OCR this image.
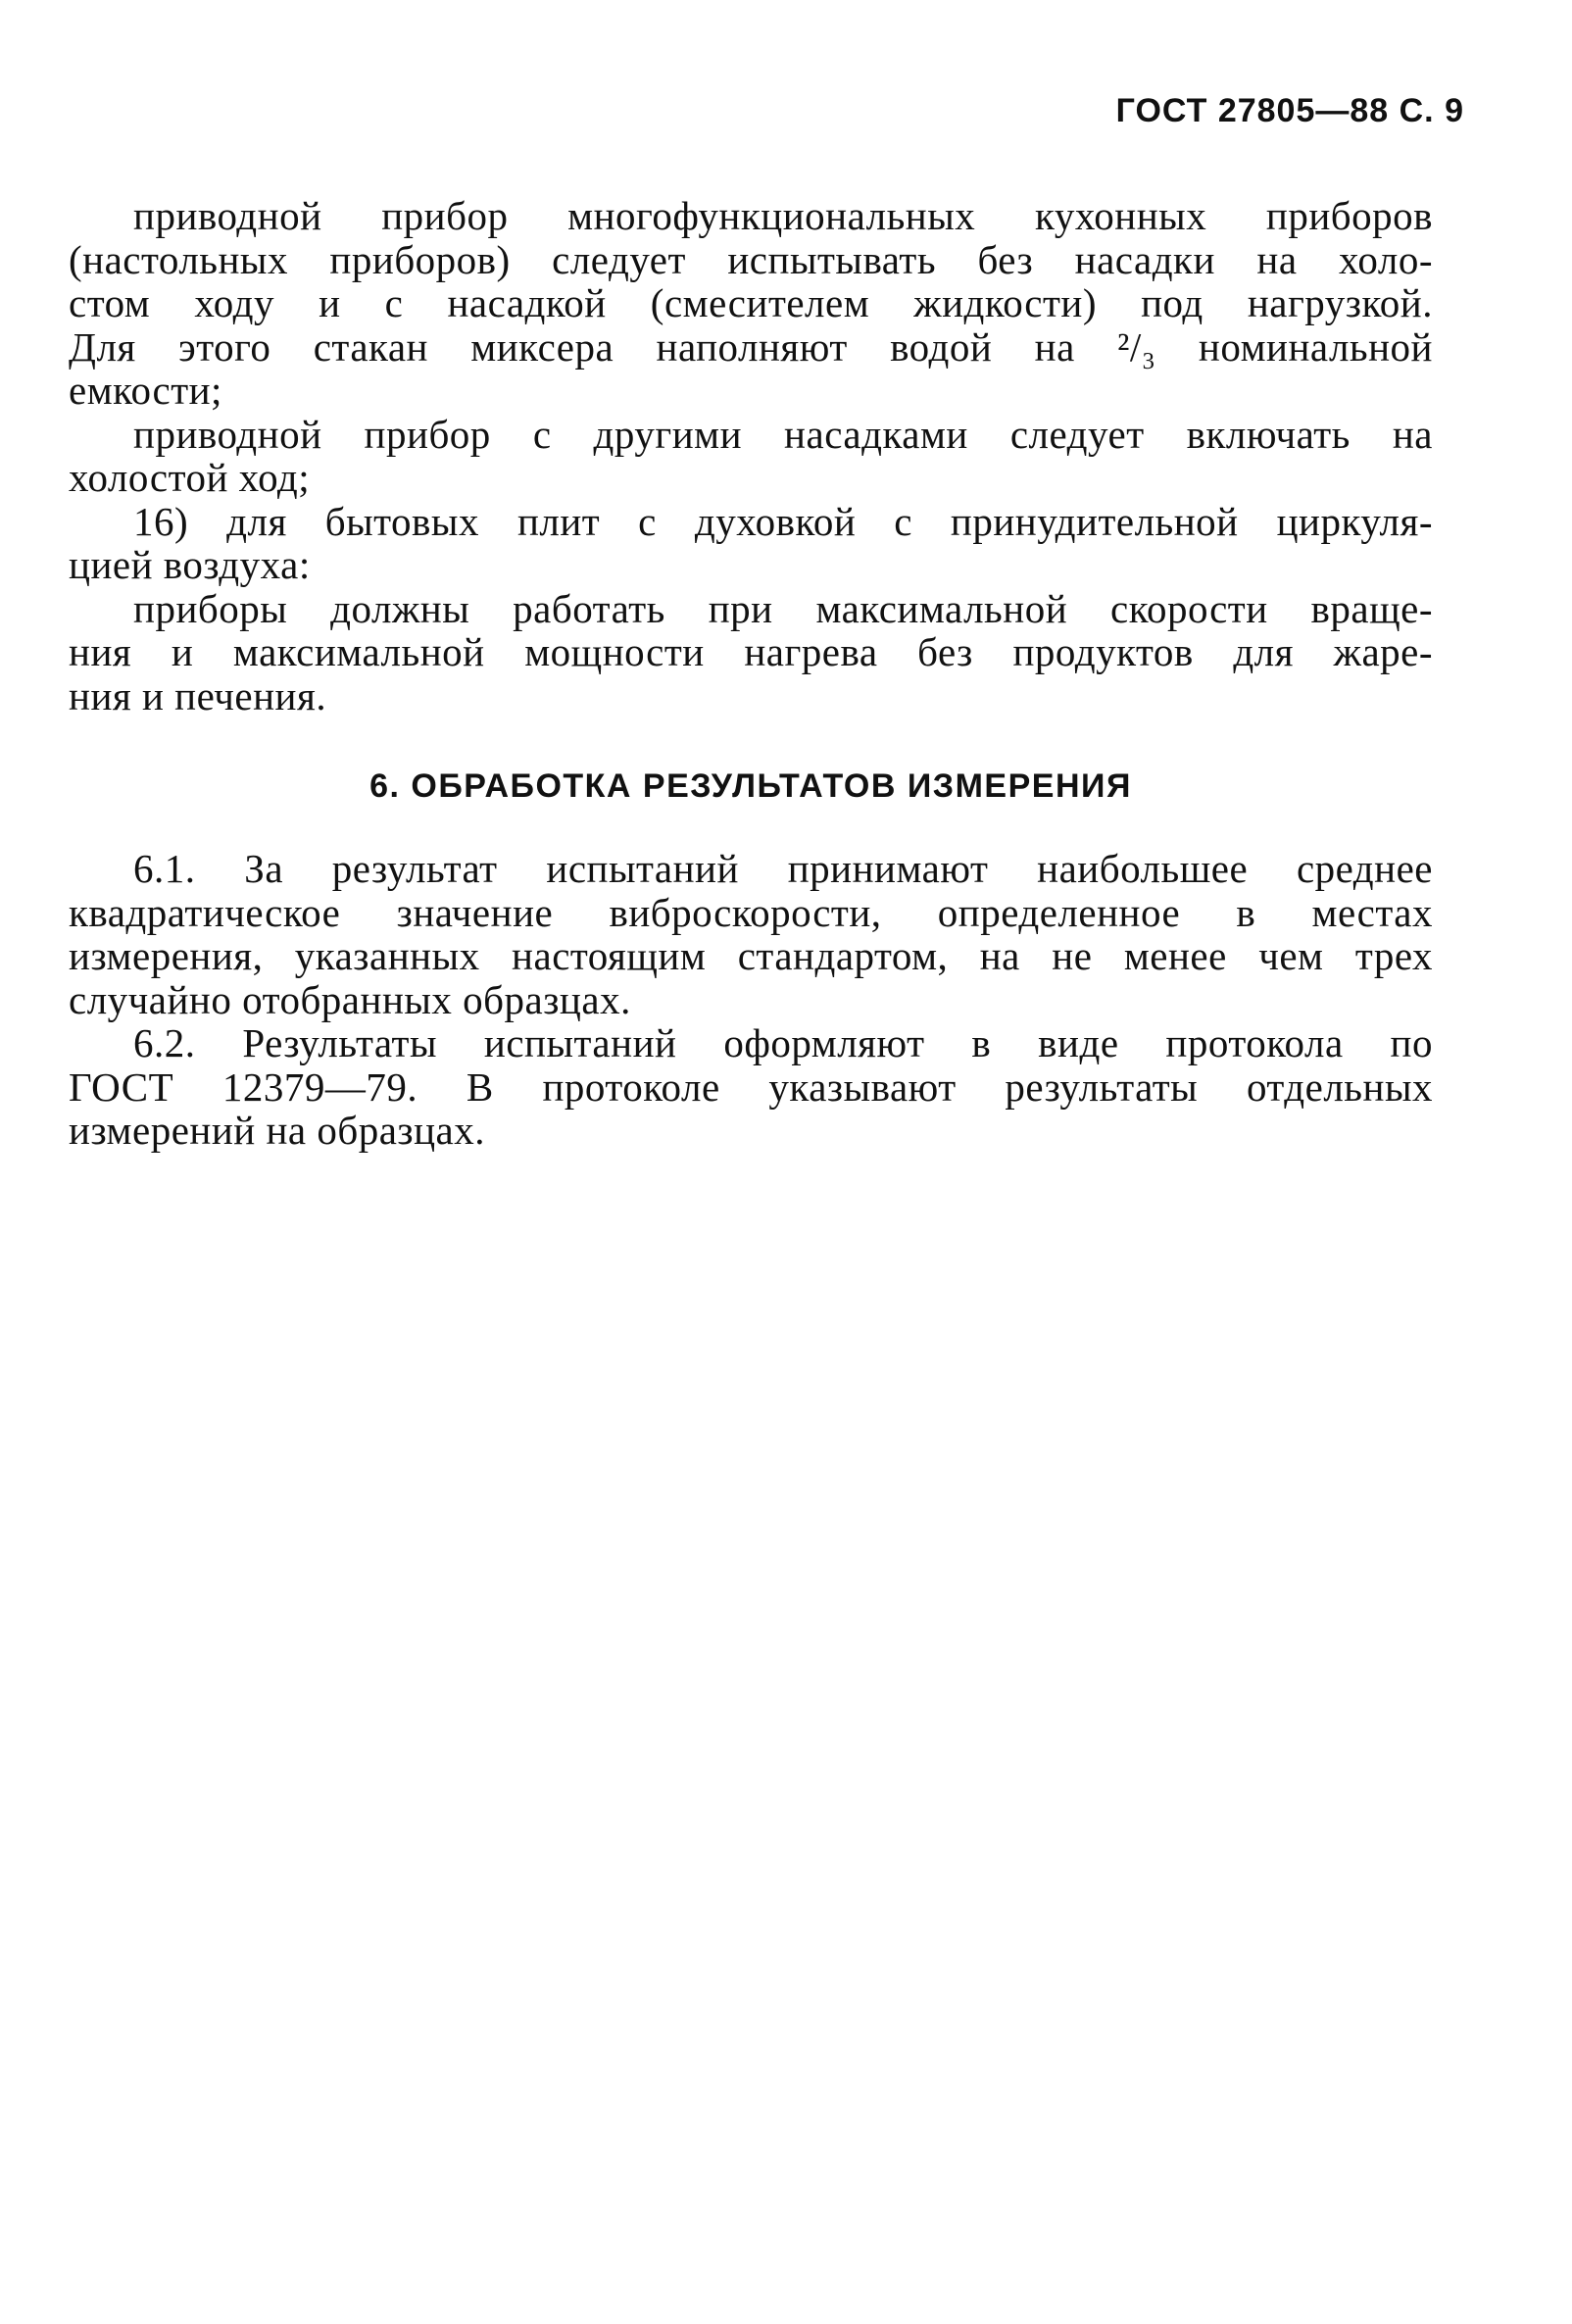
ГОСТ 27805—88 С. 9
приводной прибор многофункциональных кухонных приборов
(настольных приборов) следует испытывать без насадки на холо-
стом ходу и с насадкой (смесителем жидкости) под нагрузкой.
Для этого стакан миксера наполняют водой на ²/₃ номинальной
емкости;
приводной прибор с другими насадками следует включать на
холостой ход;
16) для бытовых плит с духовкой с принудительной циркуля-
цией воздуха:
приборы должны работать при максимальной скорости враще-
ния и максимальной мощности нагрева без продуктов для жаре-
ния и печения.
6. ОБРАБОТКА РЕЗУЛЬТАТОВ ИЗМЕРЕНИЯ
6.1. За результат испытаний принимают наибольшее среднее
квадратическое значение виброскорости, определенное в местах
измерения, указанных настоящим стандартом, на не менее чем трех
случайно отобранных образцах.
6.2. Результаты испытаний оформляют в виде протокола по
ГОСТ 12379—79. В протоколе указывают результаты отдельных
измерений на образцах.
